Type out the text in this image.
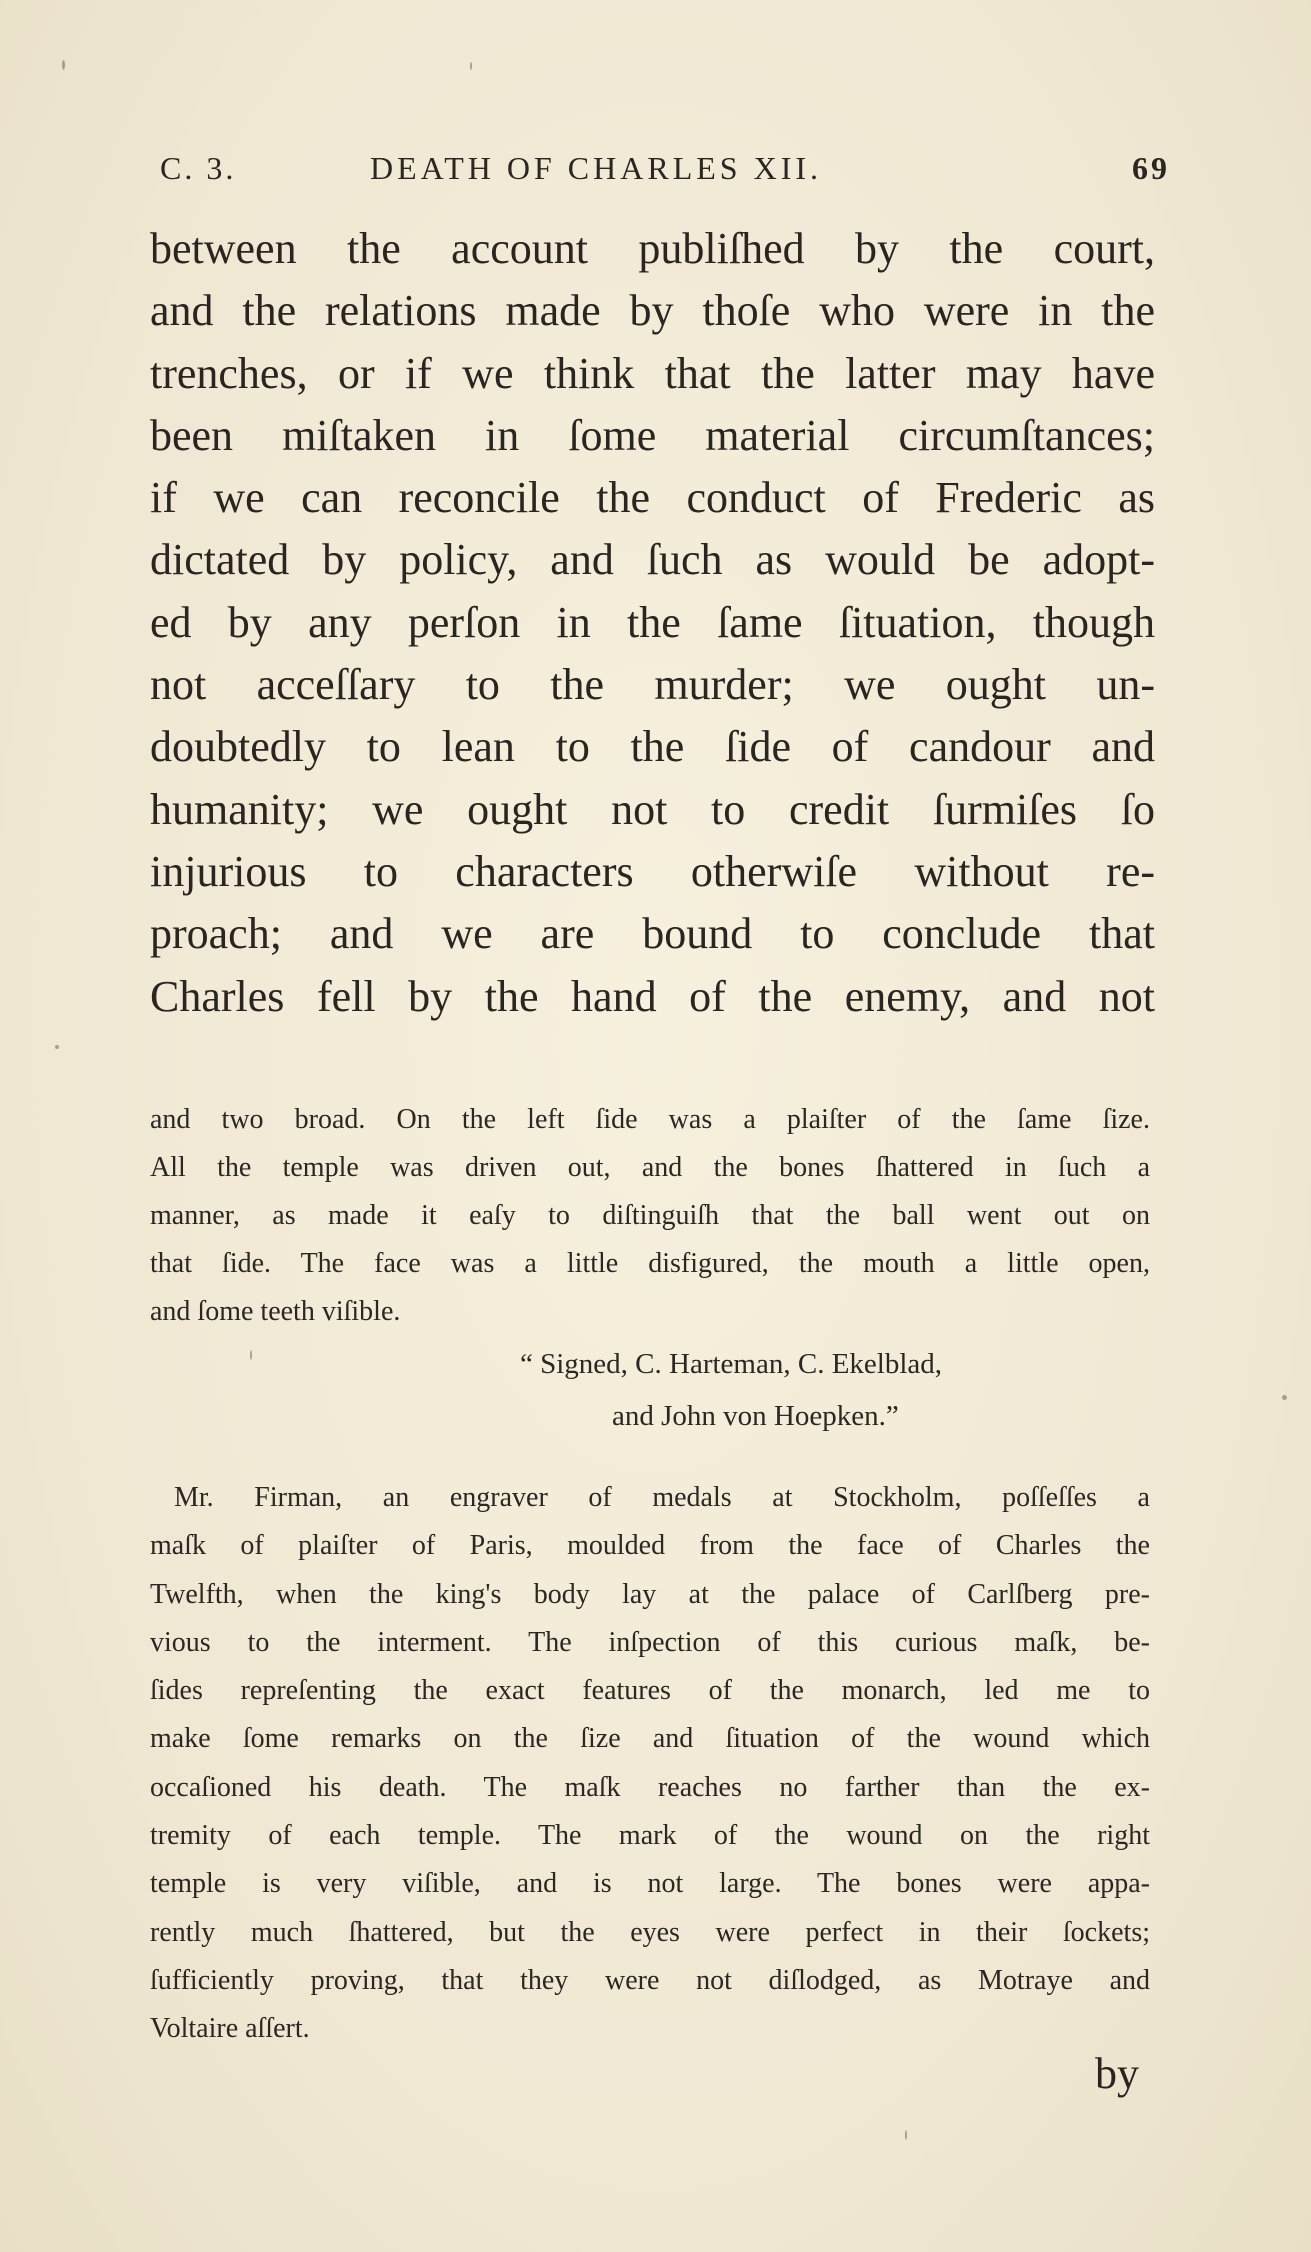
C. 3.	DEATH OF CHARLES XII.	69
between the account publiſhed by the court,
and the relations made by thoſe who were in the
trenches, or if we think that the latter may have
been miſtaken in ſome material circumſtances;
if we can reconcile the conduct of Frederic as
dictated by policy, and ſuch as would be adopt-
ed by any perſon in the ſame ſituation, though
not acceſſary to the murder; we ought un-
doubtedly to lean to the ſide of candour and
humanity; we ought not to credit ſurmiſes ſo
injurious to characters otherwiſe without re-
proach; and we are bound to conclude that
Charles fell by the hand of the enemy, and not
and two broad. On the left ſide was a plaiſter of the ſame ſize.
All the temple was driven out, and the bones ſhattered in ſuch a
manner, as made it eaſy to diſtinguiſh that the ball went out on
that ſide. The face was a little disfigured, the mouth a little open,
and ſome teeth viſible.
“ Signed, C. Harteman, C. Ekelblad,
and John von Hoepken.”
Mr. Firman, an engraver of medals at Stockholm, poſſeſſes a
maſk of plaiſter of Paris, moulded from the face of Charles the
Twelfth, when the king's body lay at the palace of Carlſberg pre-
vious to the interment. The inſpection of this curious maſk, be-
ſides repreſenting the exact features of the monarch, led me to
make ſome remarks on the ſize and ſituation of the wound which
occaſioned his death. The maſk reaches no farther than the ex-
tremity of each temple. The mark of the wound on the right
temple is very viſible, and is not large. The bones were appa-
rently much ſhattered, but the eyes were perfect in their ſockets;
ſufficiently proving, that they were not diſlodged, as Motraye and
Voltaire aſſert.
by
